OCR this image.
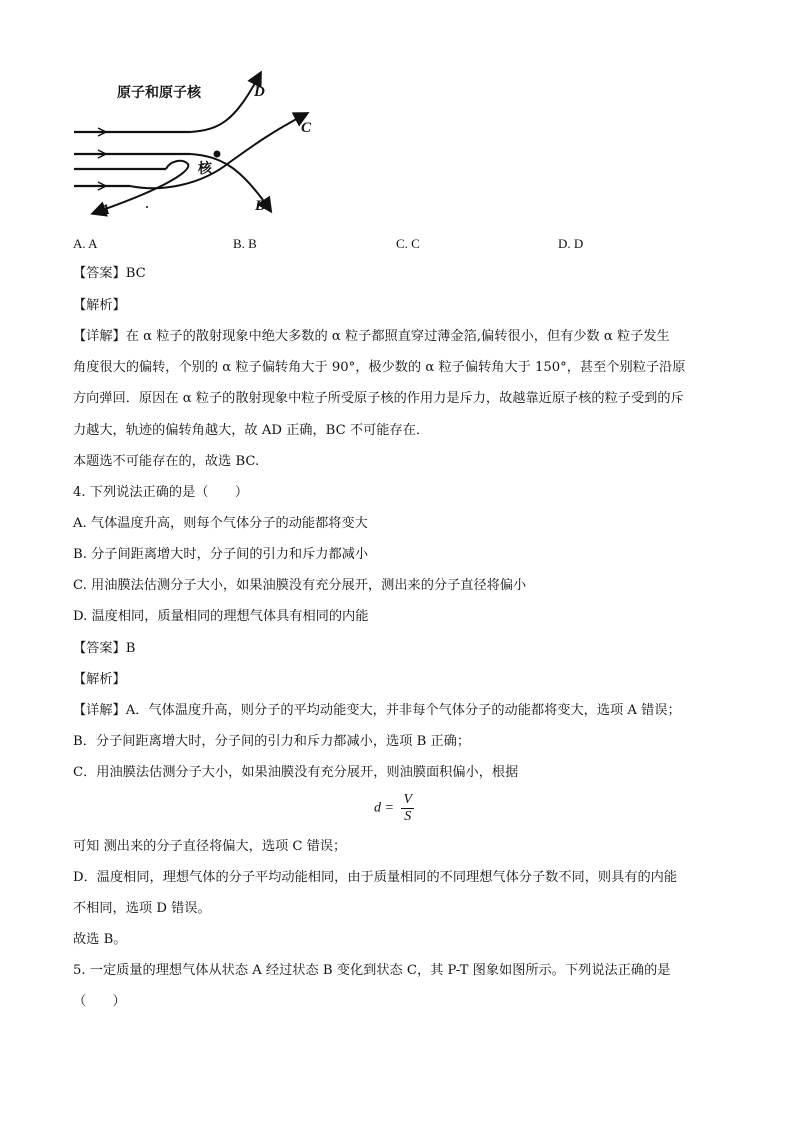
原子和原子核	D
C
B
A
核
A. A	B. B	C. C	D. D
【答案】BC
【解析】
【详解】在 α 粒子的散射现象中绝大多数的 α 粒子都照直穿过薄金箔,偏转很小，但有少数 α 粒子发生
角度很大的偏转，个别的 α 粒子偏转角大于 90°，极少数的 α 粒子偏转角大于 150°，甚至个别粒子沿原
方向弹回．原因在 α 粒子的散射现象中粒子所受原子核的作用力是斥力，故越靠近原子核的粒子受到的斥
力越大，轨迹的偏转角越大，故 AD 正确，BC 不可能存在．
本题选不可能存在的，故选 BC.
4. 下列说法正确的是（　　）
A. 气体温度升高，则每个气体分子的动能都将变大
B. 分子间距离增大时，分子间的引力和斥力都减小
C. 用油膜法估测分子大小，如果油膜没有充分展开，测出来的分子直径将偏小
D. 温度相同，质量相同的理想气体具有相同的内能
【答案】B
【解析】
【详解】A．气体温度升高，则分子的平均动能变大，并非每个气体分子的动能都将变大，选项 A 错误；
B．分子间距离增大时，分子间的引力和斥力都减小，选项 B 正确；
C．用油膜法估测分子大小，如果油膜没有充分展开，则油膜面积偏小，根据
$d = \frac{V}{S}$
可知 测出来的分子直径将偏大，选项 C 错误；
D．温度相同，理想气体的分子平均动能相同，由于质量相同的不同理想气体分子数不同，则具有的内能
不相同，选项 D 错误。
故选 B。
5. 一定质量的理想气体从状态 A 经过状态 B 变化到状态 C，其 P-T 图象如图所示。下列说法正确的是
（　　）
